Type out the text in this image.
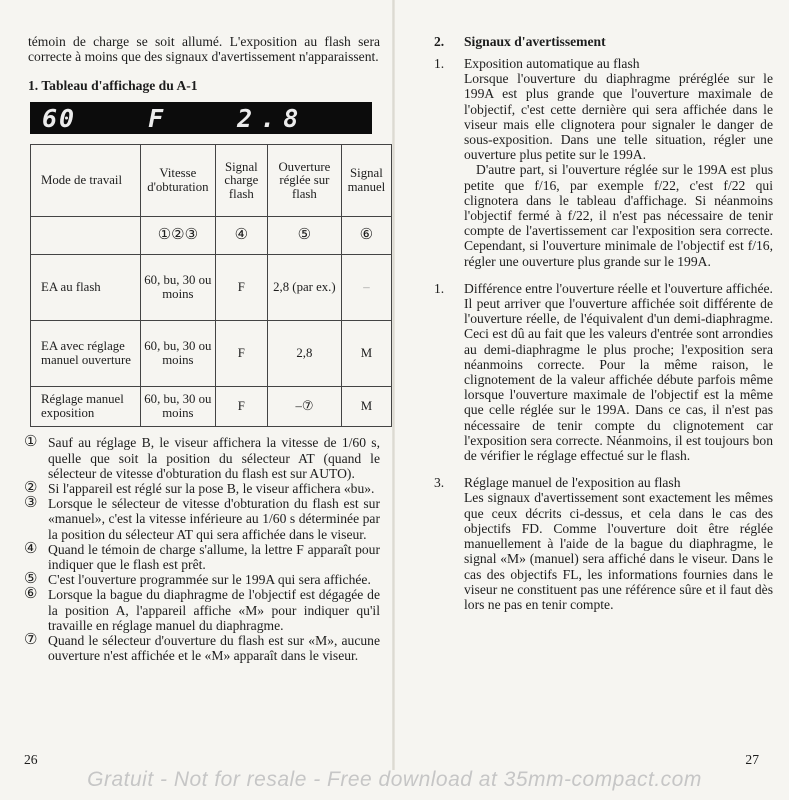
témoin de charge se soit allumé. L'exposition au flash sera correcte à moins que des signaux d'avertissement n'apparaissent.

1. Tableau d'affichage du A-1
60	F	2.8
Mode de travail	Vitesse d'obturation	Signal charge flash	Ouverture réglée sur flash	Signal manuel
	①②③	④	⑤	⑥
EA au flash	60, bu, 30 ou moins	F	2,8 (par ex.)	–
EA avec réglage manuel ouverture	60, bu, 30 ou moins	F	2,8	M
Réglage manuel exposition	60, bu, 30 ou moins	F	–⑦	M
① Sauf au réglage B, le viseur affichera la vitesse de 1/60 s, quelle que soit la position du sélecteur AT (quand le sélecteur de vitesse d'obturation du flash est sur AUTO).
② Si l'appareil est réglé sur la pose B, le viseur affichera «bu».
③ Lorsque le sélecteur de vitesse d'obturation du flash est sur «manuel», c'est la vitesse inférieure au 1/60 s déterminée par la position du sélecteur AT qui sera affichée dans le viseur.
④ Quand le témoin de charge s'allume, la lettre F apparaît pour indiquer que le flash est prêt.
⑤ C'est l'ouverture programmée sur le 199A qui sera affichée.
⑥ Lorsque la bague du diaphragme de l'objectif est dégagée de la position A, l'appareil affiche «M» pour indiquer qu'il travaille en réglage manuel du diaphragme.
⑦ Quand le sélecteur d'ouverture du flash est sur «M», aucune ouverture n'est affichée et le «M» apparaît dans le viseur.
26
2.	Signaux d'avertissement
1.	Exposition automatique au flash

Lorsque l'ouverture du diaphragme préréglée sur le 199A est plus grande que l'ouverture maximale de l'objectif, c'est cette dernière qui sera affichée dans le viseur mais elle clignotera pour signaler le danger de sous-exposition. Dans une telle situation, régler une ouverture plus petite sur le 199A.

D'autre part, si l'ouverture réglée sur le 199A est plus petite que f/16, par exemple f/22, c'est f/22 qui clignotera dans le tableau d'affichage. Si néanmoins l'objectif fermé à f/22, il n'est pas nécessaire de tenir compte de l'avertissement car l'exposition sera correcte. Cependant, si l'ouverture minimale de l'objectif est f/16, régler une ouverture plus grande sur le 199A.

1.	Différence entre l'ouverture réelle et l'ouverture affichée.

Il peut arriver que l'ouverture affichée soit différente de l'ouverture réelle, de l'équivalent d'un demi-diaphragme. Ceci est dû au fait que les valeurs d'entrée sont arrondies au demi-diaphragme le plus proche; l'exposition sera néanmoins correcte. Pour la même raison, le clignotement de la valeur affichée débute parfois même lorsque l'ouverture maximale de l'objectif est la même que celle réglée sur le 199A. Dans ce cas, il n'est pas nécessaire de tenir compte du clignotement car l'exposition sera correcte. Néanmoins, il est toujours bon de vérifier le réglage effectué sur le flash.

3.	Réglage manuel de l'exposition au flash

Les signaux d'avertissement sont exactement les mêmes que ceux décrits ci-dessus, et cela dans le cas des objectifs FD. Comme l'ouverture doit être réglée manuellement à l'aide de la bague du diaphragme, le signal «M» (manuel) sera affiché dans le viseur. Dans le cas des objectifs FL, les informations fournies dans le viseur ne constituent pas une référence sûre et il faut dès lors ne pas en tenir compte.

27
Gratuit - Not for resale - Free download at 35mm-compact.com
